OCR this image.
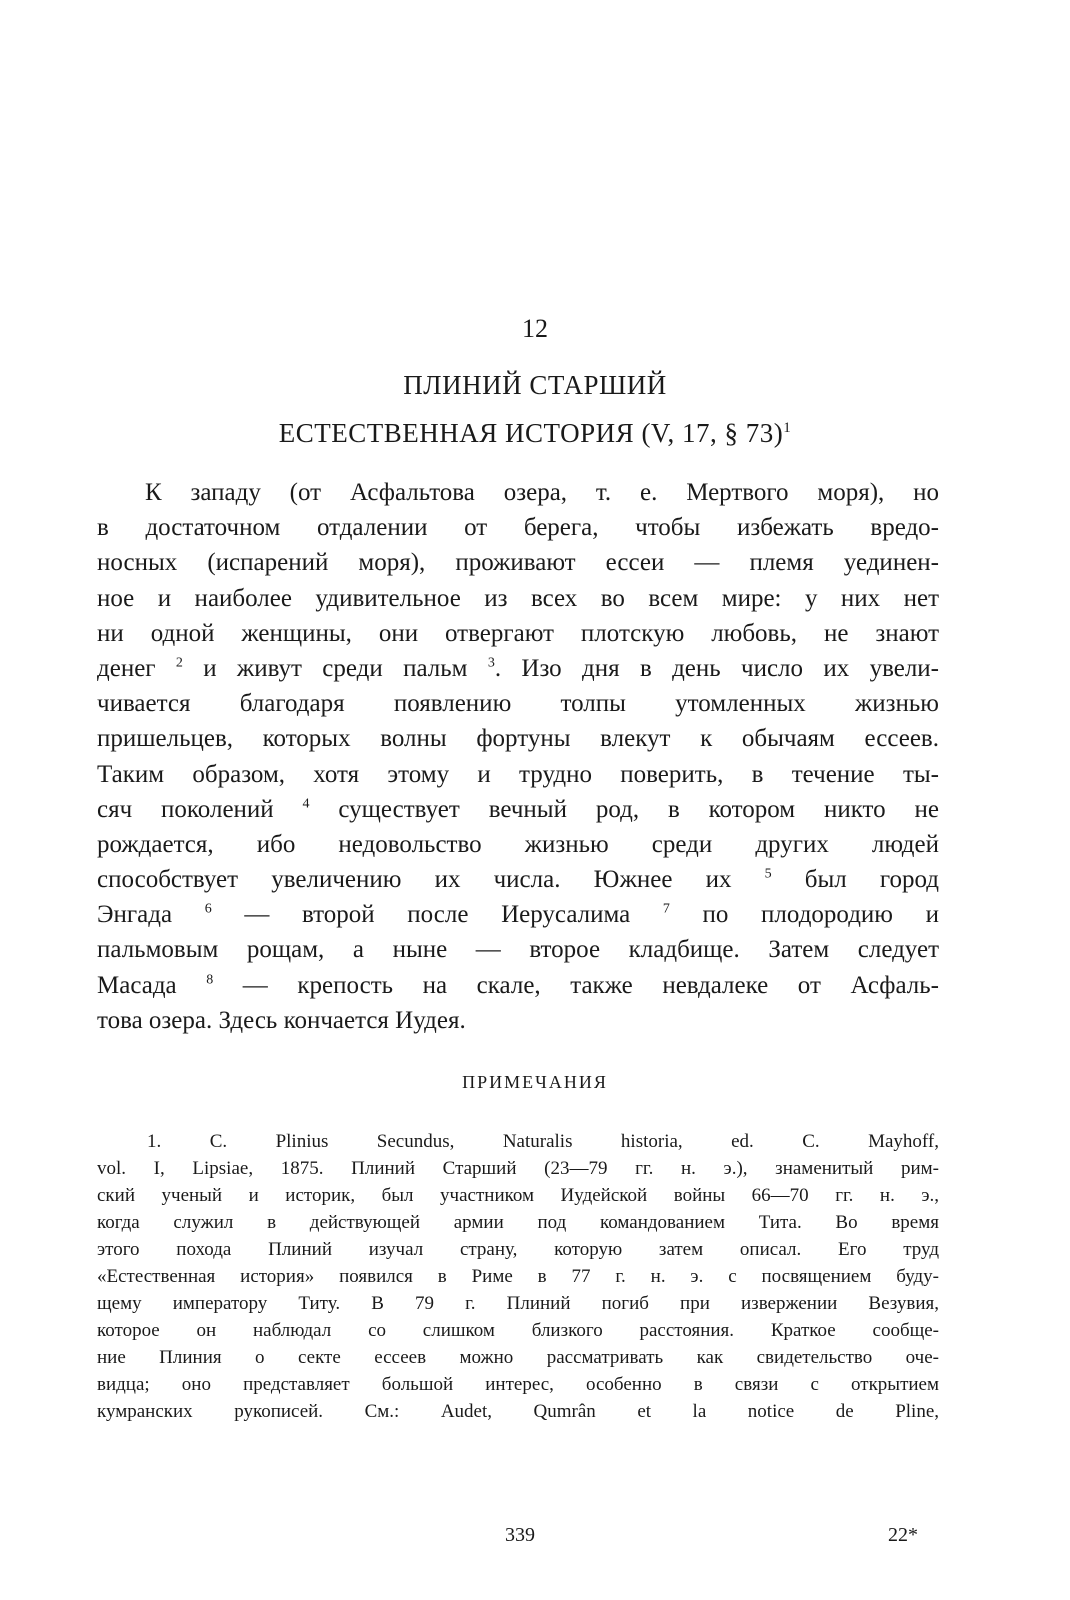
12
ПЛИНИЙ СТАРШИЙ
ЕСТЕСТВЕННАЯ ИСТОРИЯ (V, 17, § 73)$^1$
К западу (от Асфальтова озера, т. е. Мертвого моря), но
в достаточном отдалении от берега, чтобы избежать вредо-
носных (испарений моря), проживают ессеи — племя уединен-
ное и наиболее удивительное из всех во всем мире: у них нет
ни одной женщины, они отвергают плотскую любовь, не знают
денег $^2$ и живут среди пальм $^3$. Изо дня в день число их увели-
чивается благодаря появлению толпы утомленных жизнью
пришельцев, которых волны фортуны влекут к обычаям ессеев.
Таким образом, хотя этому и трудно поверить, в течение ты-
сяч поколений $^4$ существует вечный род, в котором никто не
рождается, ибо недовольство жизнью среди других людей
способствует увеличению их числа. Южнее их $^5$ был город
Энгада $^6$ — второй после Иерусалима $^7$ по плодородию и
пальмовым рощам, а ныне — второе кладбище. Затем следует
Масада $^8$ — крепость на скале, также невдалеке от Асфаль-
това озера. Здесь кончается Иудея.
ПРИМЕЧАНИЯ
1. C. Plinius Secundus, Naturalis historia, ed. C. Mayhoff,
vol. I, Lipsiae, 1875. Плиний Старший (23—79 гг. н. э.), знаменитый рим-
ский ученый и историк, был участником Иудейской войны 66—70 гг. н. э.,
когда служил в действующей армии под командованием Тита. Во время
этого похода Плиний изучал страну, которую затем описал. Его труд
«Естественная история» появился в Риме в 77 г. н. э. с посвящением буду-
щему императору Титу. В 79 г. Плиний погиб при извержении Везувия,
которое он наблюдал со слишком близкого расстояния. Краткое сообще-
ние Плиния о секте ессеев можно рассматривать как свидетельство оче-
видца; оно представляет большой интерес, особенно в связи с открытием
кумранских рукописей. См.: Audet, Qumrân et la notice de Pline,
339	22*
